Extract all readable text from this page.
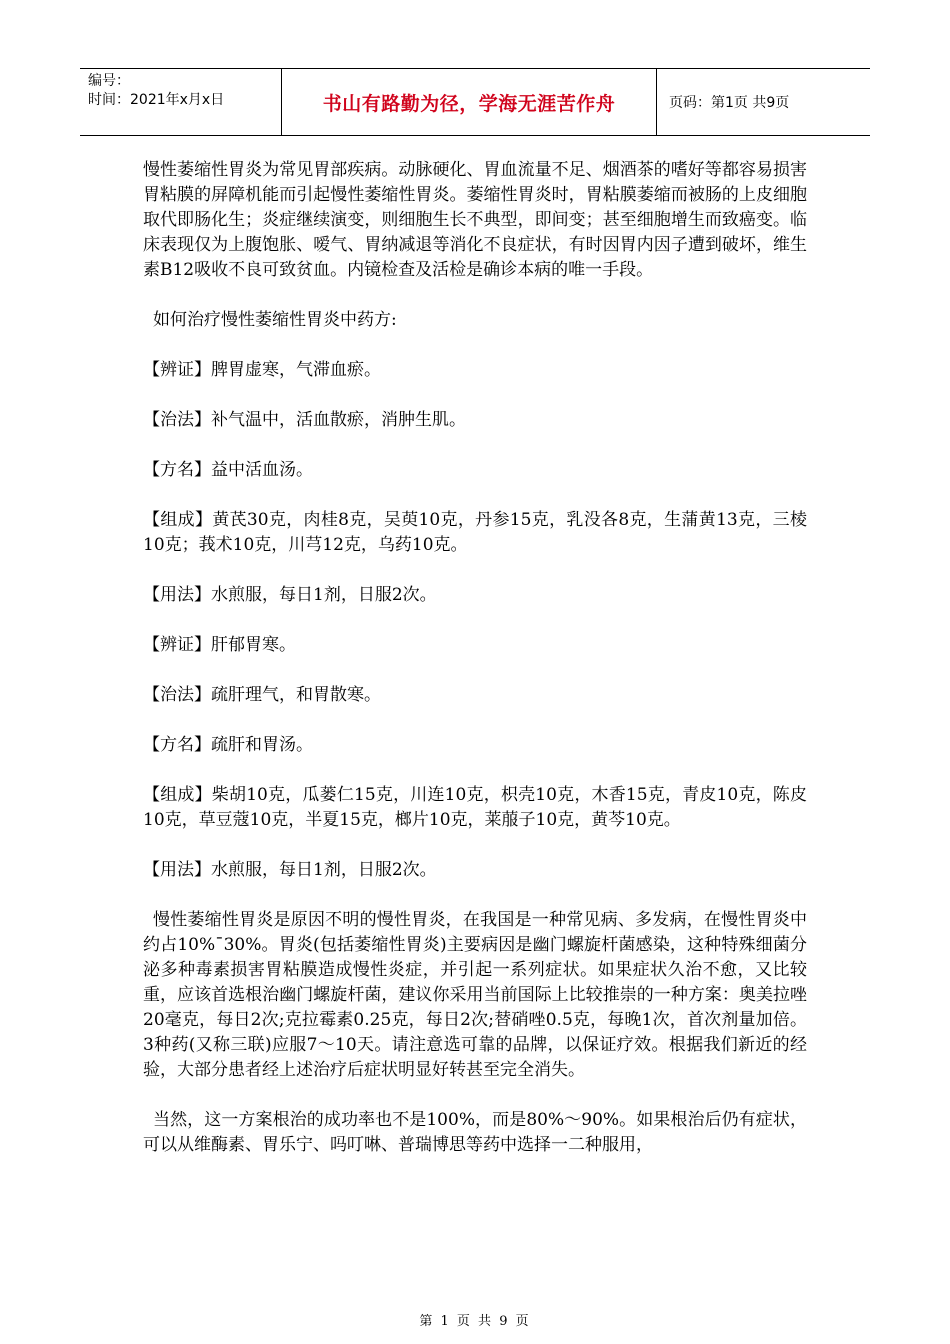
编号：
时间：2021年x月x日	书山有路勤为径，学海无涯苦作舟	页码：第1页 共9页

慢性萎缩性胃炎为常见胃部疾病。动脉硬化、胃血流量不足、烟酒茶的嗜好等都容易损害胃粘膜的屏障机能而引起慢性萎缩性胃炎。萎缩性胃炎时，胃粘膜萎缩而被肠的上皮细胞取代即肠化生；炎症继续演变，则细胞生长不典型，即间变；甚至细胞增生而致癌变。临床表现仅为上腹饱胀、嗳气、胃纳减退等消化不良症状，有时因胃内因子遭到破坏，维生素B12吸收不良可致贫血。内镜检查及活检是确诊本病的唯一手段。

如何治疗慢性萎缩性胃炎中药方:

【辨证】脾胃虚寒，气滞血瘀。

【治法】补气温中，活血散瘀，消肿生肌。

【方名】益中活血汤。

【组成】黄芪30克，肉桂8克，吴萸10克，丹参15克，乳没各8克，生蒲黄13克，三棱10克；莪术10克，川芎12克，乌药10克。

【用法】水煎服，每日1剂，日服2次。

【辨证】肝郁胃寒。

【治法】疏肝理气，和胃散寒。

【方名】疏肝和胃汤。

【组成】柴胡10克，瓜蒌仁15克，川连10克，枳壳10克，木香15克，青皮10克，陈皮10克，草豆蔻10克，半夏15克，榔片10克，莱菔子10克，黄芩10克。

【用法】水煎服，每日1剂，日服2次。

慢性萎缩性胃炎是原因不明的慢性胃炎，在我国是一种常见病、多发病，在慢性胃炎中约占10%¯30%。胃炎(包括萎缩性胃炎)主要病因是幽门螺旋杆菌感染，这种特殊细菌分泌多种毒素损害胃粘膜造成慢性炎症，并引起一系列症状。如果症状久治不愈，又比较重，应该首选根治幽门螺旋杆菌，建议你采用当前国际上比较推崇的一种方案：奥美拉唑20毫克，每日2次;克拉霉素0.25克，每日2次;替硝唑0.5克，每晚1次，首次剂量加倍。3种药(又称三联)应服7～10天。请注意选可靠的品牌，以保证疗效。根据我们新近的经验，大部分患者经上述治疗后症状明显好转甚至完全消失。

当然，这一方案根治的成功率也不是100%，而是80%～90%。如果根治后仍有症状，可以从维酶素、胃乐宁、吗叮啉、普瑞博思等药中选择一二种服用，

第 1 页 共 9 页
